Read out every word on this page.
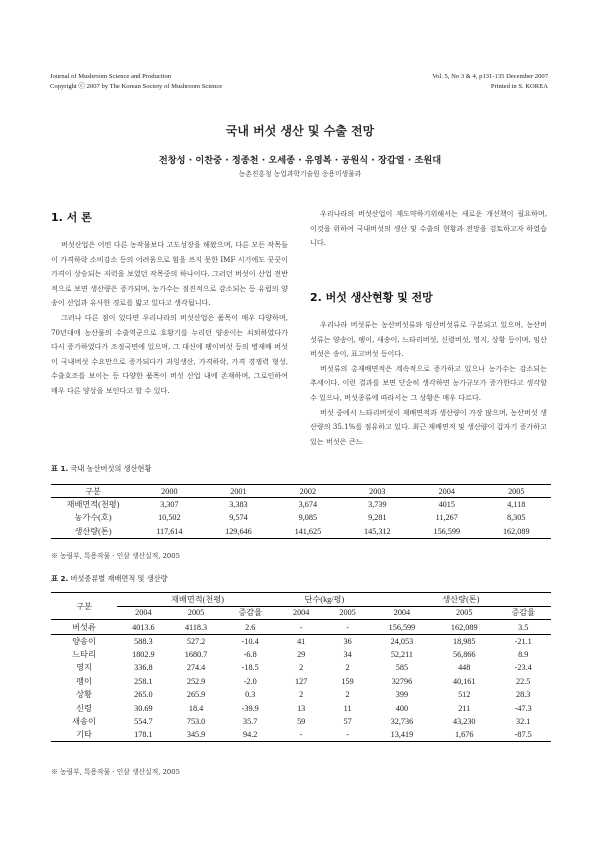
Journal of Mushroom Science and Production
Copyright ⓒ 2007 by The Korean Society of Mushroom Science
Vol. 5, No 3 & 4, p131-135 December 2007
Printed in S. KOREA
국내 버섯 생산 및 수출 전망
전창성 · 이찬중 · 정종천 · 오세종 · 유영복 · 공원식 · 장갑열 · 조원대
농촌진흥청 농업과학기술원 응용미생물과
1. 서 론

버섯산업은 어떤 다른 농작물보다 고도성장을 해왔으며, 다른 모든 작목들이 가격하락 소비감소 등의 어려움으로 힘을 쓰지 못한 IMF 시기에도 꿋꿋이 가격이 상승되는 저력을 보였던 작목중의 하나이다. 그러던 버섯이 산업 전반적으로 보면 생산량은 증가되며, 농가수는 점진적으로 감소되는 등 유럽의 양송이 산업과 유사한 경로를 밟고 있다고 생각됩니다.

그러나 다른 점이 있다면 우리나라의 버섯산업은 품목이 매우 다양하며, 70년대에 농산물의 수출역군으로 호황기를 누리던 양송이는 쇠퇴하였다가 다시 증가하였다가 조정국면에 있으며, 그 대신에 팽이버섯 등의 병재배 버섯이 국내버섯 수요만으로 증가되다가 과잉생산, 가격하락, 가격 경쟁력 형성, 수출호조를 보이는 등 다양한 품목이 버섯 산업 내에 존재하며, 그로인하여 매우 다른 양상을 보인다고 할 수 있다.

우리나라의 버섯산업이 재도약하기위해서는 새로운 개선책이 필요하며, 이것을 위하여 국내버섯의 생산 및 수출의 현황과 전망을 검토하고자 하였습니다.

2. 버섯 생산현황 및 전망

우리나라 버섯류는 농산버섯류와 임산버섯류로 구분되고 있으며, 농산버섯류는 양송이, 팽이, 새송이, 느타리버섯, 신령버섯, 영지, 상황 등이며, 임산버섯은 송이, 표고버섯 등이다.

버섯류의 총재배면적은 계속적으로 증가하고 있으나 농가수는 감소되는 추세이다. 이런 결과를 보면 단순히 생각하면 농가규모가 증가한다고 생각할 수 있으나, 버섯종류에 따라서는 그 상황은 매우 다르다.

버섯 중에서 느타리버섯이 재배면적과 생산량이 가장 많으며, 농산버섯 생산량의 35.1%를 점유하고 있다. 최근 재배면적 및 생산량이 갑자기 증가하고 있는 버섯은 큰느

표 1. 국내 농산버섯의 생산현황
구분	2000	2001	2002	2003	2004	2005
재배면적(천평)	3,307	3,383	3,674	3,739	4015	4,118
농가수(호)	10,502	9,574	9,085	9,281	11,267	8,305
생산량(톤)	117,614	129,646	141,625	145,312	156,599	162,089
※ 농림부, 특용작물 · 인삼 생산실적, 2005
표 2. 버섯종류별 재배면적 및 생산량
구분	재배면적(천평)			단수(kg/평)		생산량(톤)		
	2004	2005	증감율	2004	2005	2004	2005	증감율
버섯류	4013.6	4118.3	2.6	-	-	156,599	162,089	3.5
양송이	588.3	527.2	-10.4	41	36	24,053	18,985	-21.1
느타리	1802.9	1680.7	-6.8	29	34	52,211	56,866	8.9
영지	336.8	274.4	-18.5	2	2	585	448	-23.4
팽이	258.1	252.9	-2.0	127	159	32796	40,161	22.5
상황	265.0	265.9	0.3	2	2	399	512	28.3
신령	30.69	18.4	-39.9	13	11	400	211	-47.3
새송이	554.7	753.0	35.7	59	57	32,736	43,230	32.1
기타	178.1	345.9	94.2	-	-	13,419	1,676	-87.5
※ 농림부, 특용작물 · 인삼 생산실적, 2005
